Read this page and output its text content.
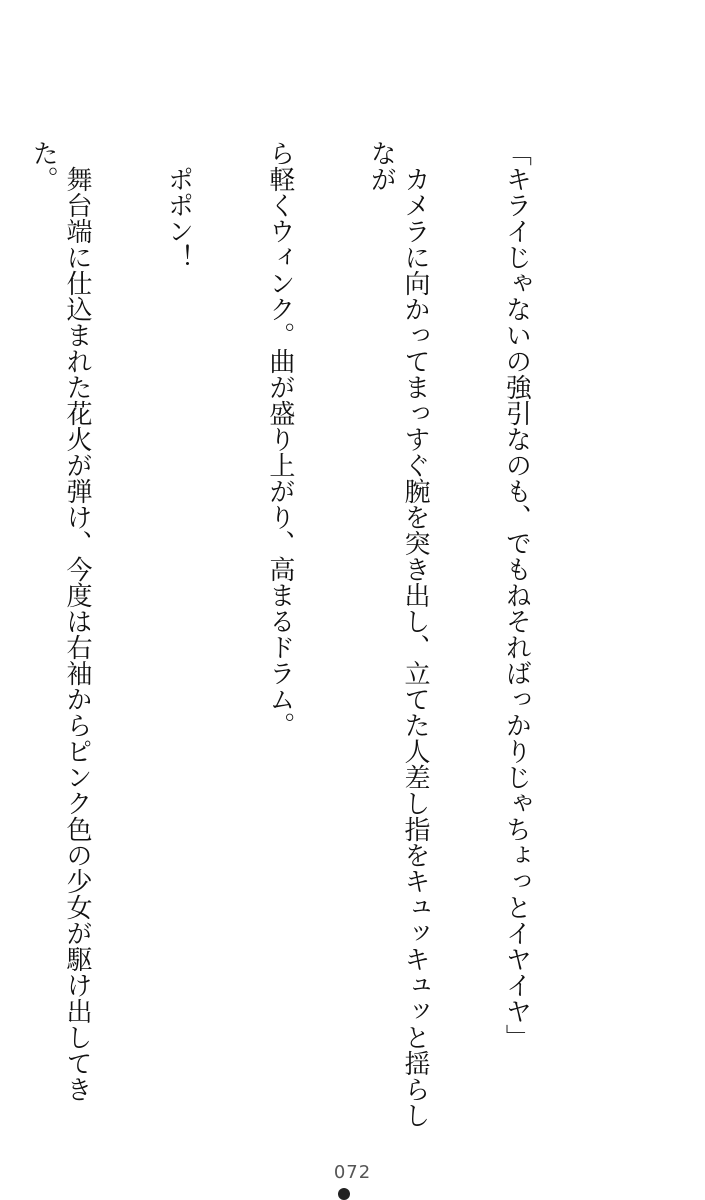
「キライじゃないの強引なのも、でもねそればっかりじゃちょっとイヤイヤ」

　カメラに向かってまっすぐ腕を突き出し、立てた人差し指をキュッキュッと揺らしなが

ら軽くウィンク。曲が盛り上がり、高まるドラム。

　ポポン！

　舞台端に仕込まれた花火が弾け、今度は右袖からピンク色の少女が駆け出してきた。

072
